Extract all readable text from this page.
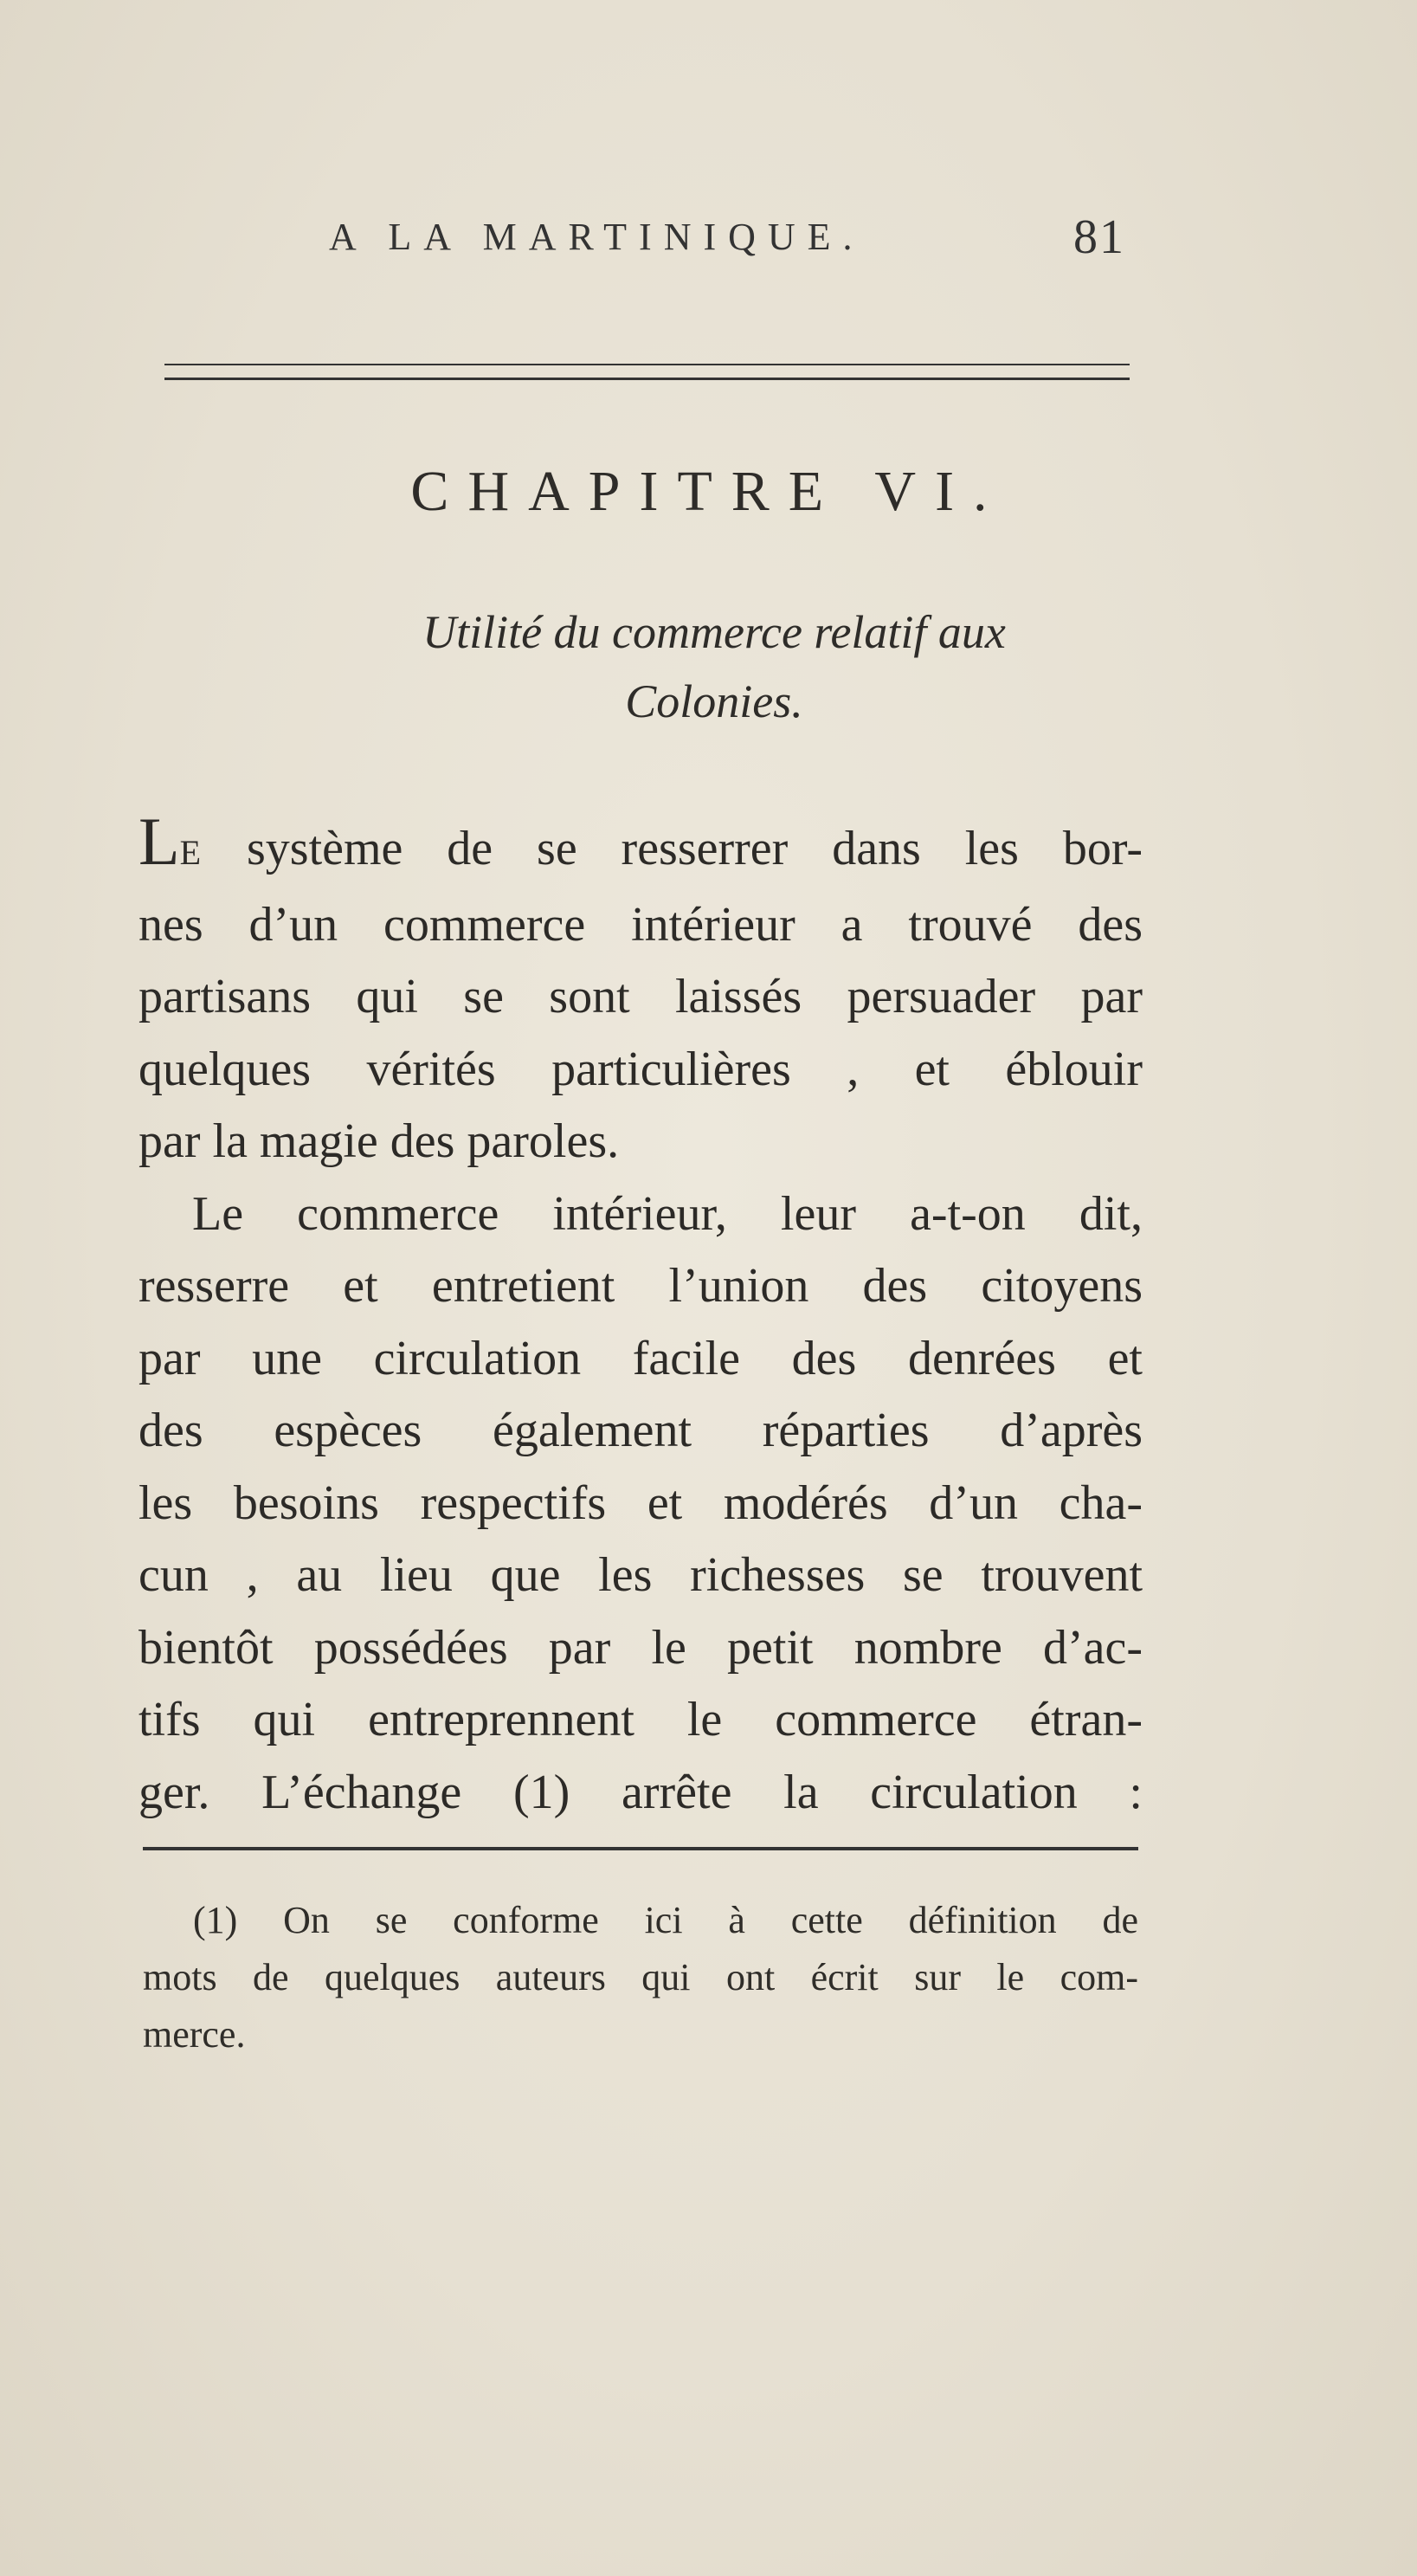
A LA MARTINIQUE.	81
CHAPITRE VI.
Utilité du commerce relatif aux
Colonies.
LE système de se resserrer dans les bor-
nes d’un commerce intérieur a trouvé des
partisans qui se sont laissés persuader par
quelques vérités particulières , et éblouir
par la magie des paroles.
Le commerce intérieur, leur a-t-on dit,
resserre et entretient l’union des citoyens
par une circulation facile des denrées et
des espèces également réparties d’après
les besoins respectifs et modérés d’un cha-
cun , au lieu que les richesses se trouvent
bientôt possédées par le petit nombre d’ac-
tifs qui entreprennent le commerce étran-
ger. L’échange (1) arrête la circulation :
(1) On se conforme ici à cette définition de
mots de quelques auteurs qui ont écrit sur le com-
merce.
